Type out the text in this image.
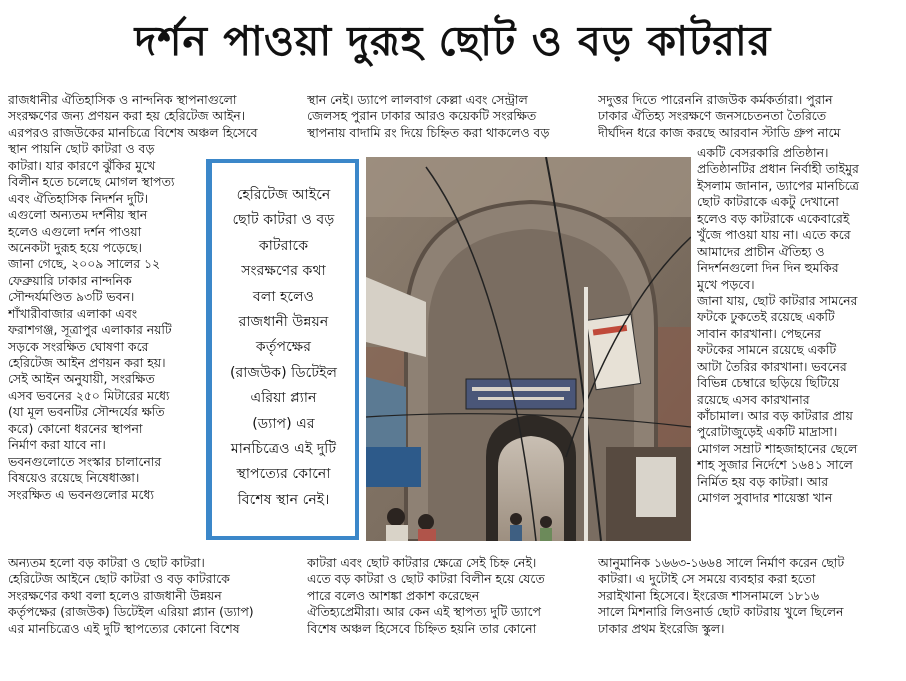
দর্শন পাওয়া দুরূহ ছোট ও বড় কাটরার
রাজধানীর ঐতিহাসিক ও নান্দনিক স্থাপনাগুলো
সংরক্ষণের জন্য প্রণয়ন করা হয় হেরিটেজ আইন।
এরপরও রাজউকের মানচিত্রে বিশেষ অঞ্চল হিসেবে
স্থান পায়নি ছোট কাটরা ও বড়
কাটরা। যার কারণে ঝুঁকির মুখে
বিলীন হতে চলেছে মোগল স্থাপত্য
এবং ঐতিহাসিক নিদর্শন দুটি।
এগুলো অন্যতম দর্শনীয় স্থান
হলেও এগুলো দর্শন পাওয়া
অনেকটা দুরূহ হয়ে পড়েছে।
জানা গেছে, ২০০৯ সালের ১২
ফেব্রুয়ারি ঢাকার নান্দনিক
সৌন্দর্যমণ্ডিত ৯৩টি ভবন।
শাঁখারীবাজার এলাকা এবং
ফরাশগঞ্জ, সূত্রাপুর এলাকার নয়টি
সড়কে সংরক্ষিত ঘোষণা করে
হেরিটেজ আইন প্রণয়ন করা হয়।
সেই আইন অনুযায়ী, সংরক্ষিত
এসব ভবনের ২৫০ মিটারের মধ্যে
(যা মূল ভবনটির সৌন্দর্যের ক্ষতি
করে) কোনো ধরনের স্থাপনা
নির্মাণ করা যাবে না।
ভবনগুলোতে সংস্কার চালানোর
বিষয়েও রয়েছে নিষেধাজ্ঞা।
সংরক্ষিত এ ভবনগুলোর মধ্যে
অন্যতম হলো বড় কাটরা ও ছোট কাটরা।
হেরিটেজ আইনে ছোট কাটরা ও বড় কাটরাকে
সংরক্ষণের কথা বলা হলেও রাজধানী উন্নয়ন
কর্তৃপক্ষের (রাজউক) ডিটেইল এরিয়া প্ল্যান (ড্যাপ)
এর মানচিত্রেও এই দুটি স্থাপত্যের কোনো বিশেষ
স্থান নেই। ড্যাপে লালবাগ কেল্লা এবং সেন্ট্রাল
জেলসহ পুরান ঢাকার আরও কয়েকটি সংরক্ষিত
স্থাপনায় বাদামি রং দিয়ে চিহ্নিত করা থাকলেও বড়
কাটরা এবং ছোট কাটরার ক্ষেত্রে সেই চিহ্ন নেই।
এতে বড় কাটরা ও ছোট কাটরা বিলীন হয়ে যেতে
পারে বলেও আশঙ্কা প্রকাশ করেছেন
ঐতিহ্যপ্রেমীরা। আর কেন এই স্থাপত্য দুটি ড্যাপে
বিশেষ অঞ্চল হিসেবে চিহ্নিত হয়নি তার কোনো
সদুত্তর দিতে পারেননি রাজউক কর্মকর্তারা। পুরান
ঢাকার ঐতিহ্য সংরক্ষণে জনসচেতনতা তৈরিতে
দীর্ঘদিন ধরে কাজ করছে আরবান স্টাডি গ্রুপ নামে
একটি বেসরকারি প্রতিষ্ঠান।
প্রতিষ্ঠানটির প্রধান নির্বাহী তাইমুর
ইসলাম জানান, ড্যাপের মানচিত্রে
ছোট কাটরাকে একটু দেখানো
হলেও বড় কাটরাকে একেবারেই
খুঁজে পাওয়া যায় না। এতে করে
আমাদের প্রাচীন ঐতিহ্য ও
নিদর্শনগুলো দিন দিন হুমকির
মুখে পড়বে।
জানা যায়, ছোট কাটরার সামনের
ফটকে ঢুকতেই রয়েছে একটি
সাবান কারখানা। পেছনের
ফটকের সামনে রয়েছে একটি
আটা তৈরির কারখানা। ভবনের
বিভিন্ন চেম্বারে ছড়িয়ে ছিটিয়ে
রয়েছে এসব কারখানার
কাঁচামাল। আর বড় কাটরার প্রায়
পুরোটাজুড়েই একটি মাদ্রাসা।
মোগল সম্রাট শাহজাহানের ছেলে
শাহ সুজার নির্দেশে ১৬৪১ সালে
নির্মিত হয় বড় কাটরা। আর
মোগল সুবাদার শায়েস্তা খান
আনুমানিক ১৬৬৩-১৬৬৪ সালে নির্মাণ করেন ছোট
কাটরা। এ দুটোই সে সময়ে ব্যবহার করা হতো
সরাইখানা হিসেবে। ইংরেজ শাসনামলে ১৮১৬
সালে মিশনারি লিওনার্ড ছোট কাটরায় খুলে ছিলেন
ঢাকার প্রথম ইংরেজি স্কুল।
হেরিটেজ আইনে
ছোট কাটরা ও বড়
কাটরাকে
সংরক্ষণের কথা
বলা হলেও
রাজধানী উন্নয়ন
কর্তৃপক্ষের
(রাজউক) ডিটেইল
এরিয়া প্ল্যান
(ড্যাপ) এর
মানচিত্রেও এই দুটি
স্থাপত্যের কোনো
বিশেষ স্থান নেই।
